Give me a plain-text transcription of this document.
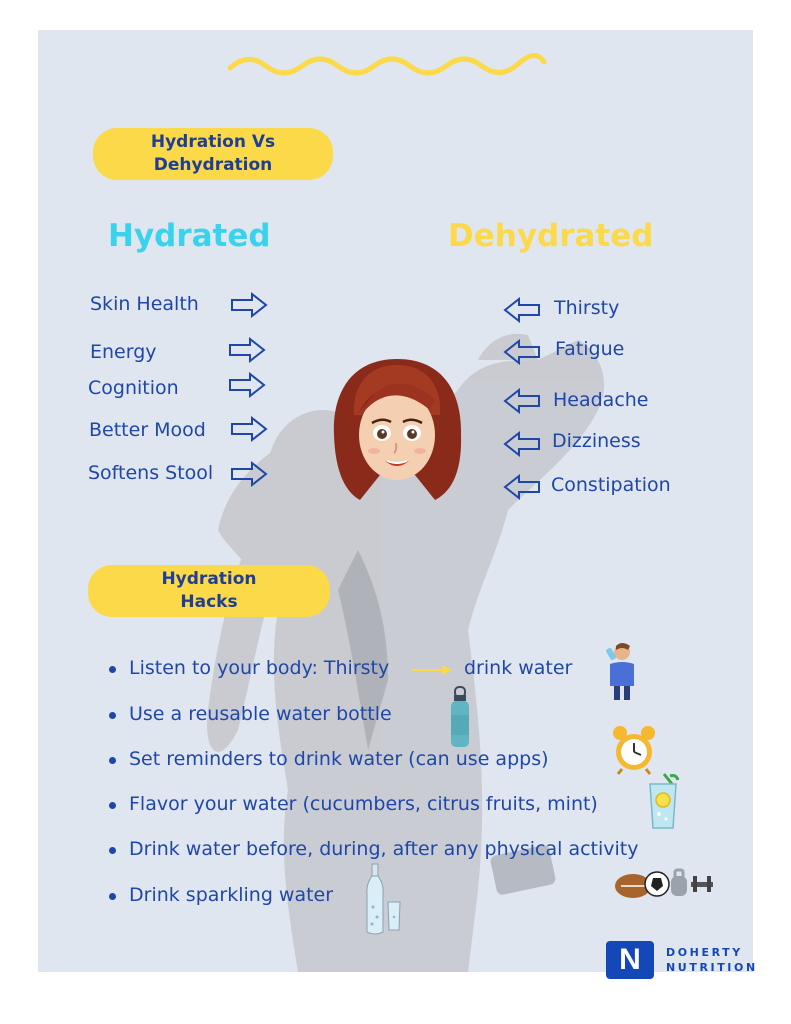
Hydration Vs
Dehydration
Hydrated	Dehydrated
Skin Health
Energy
Cognition
Better Mood
Softens Stool
Thirsty
Fatigue
Headache
Dizziness
Constipation
Hydration
Hacks
Listen to your body: Thirsty	drink water
Use a reusable water bottle
Set reminders to drink water (can use apps)
Flavor your water (cucumbers, citrus fruits, mint)
Drink water before, during, after any physical activity
Drink sparkling water
N	DOHERTY
NUTRITION
